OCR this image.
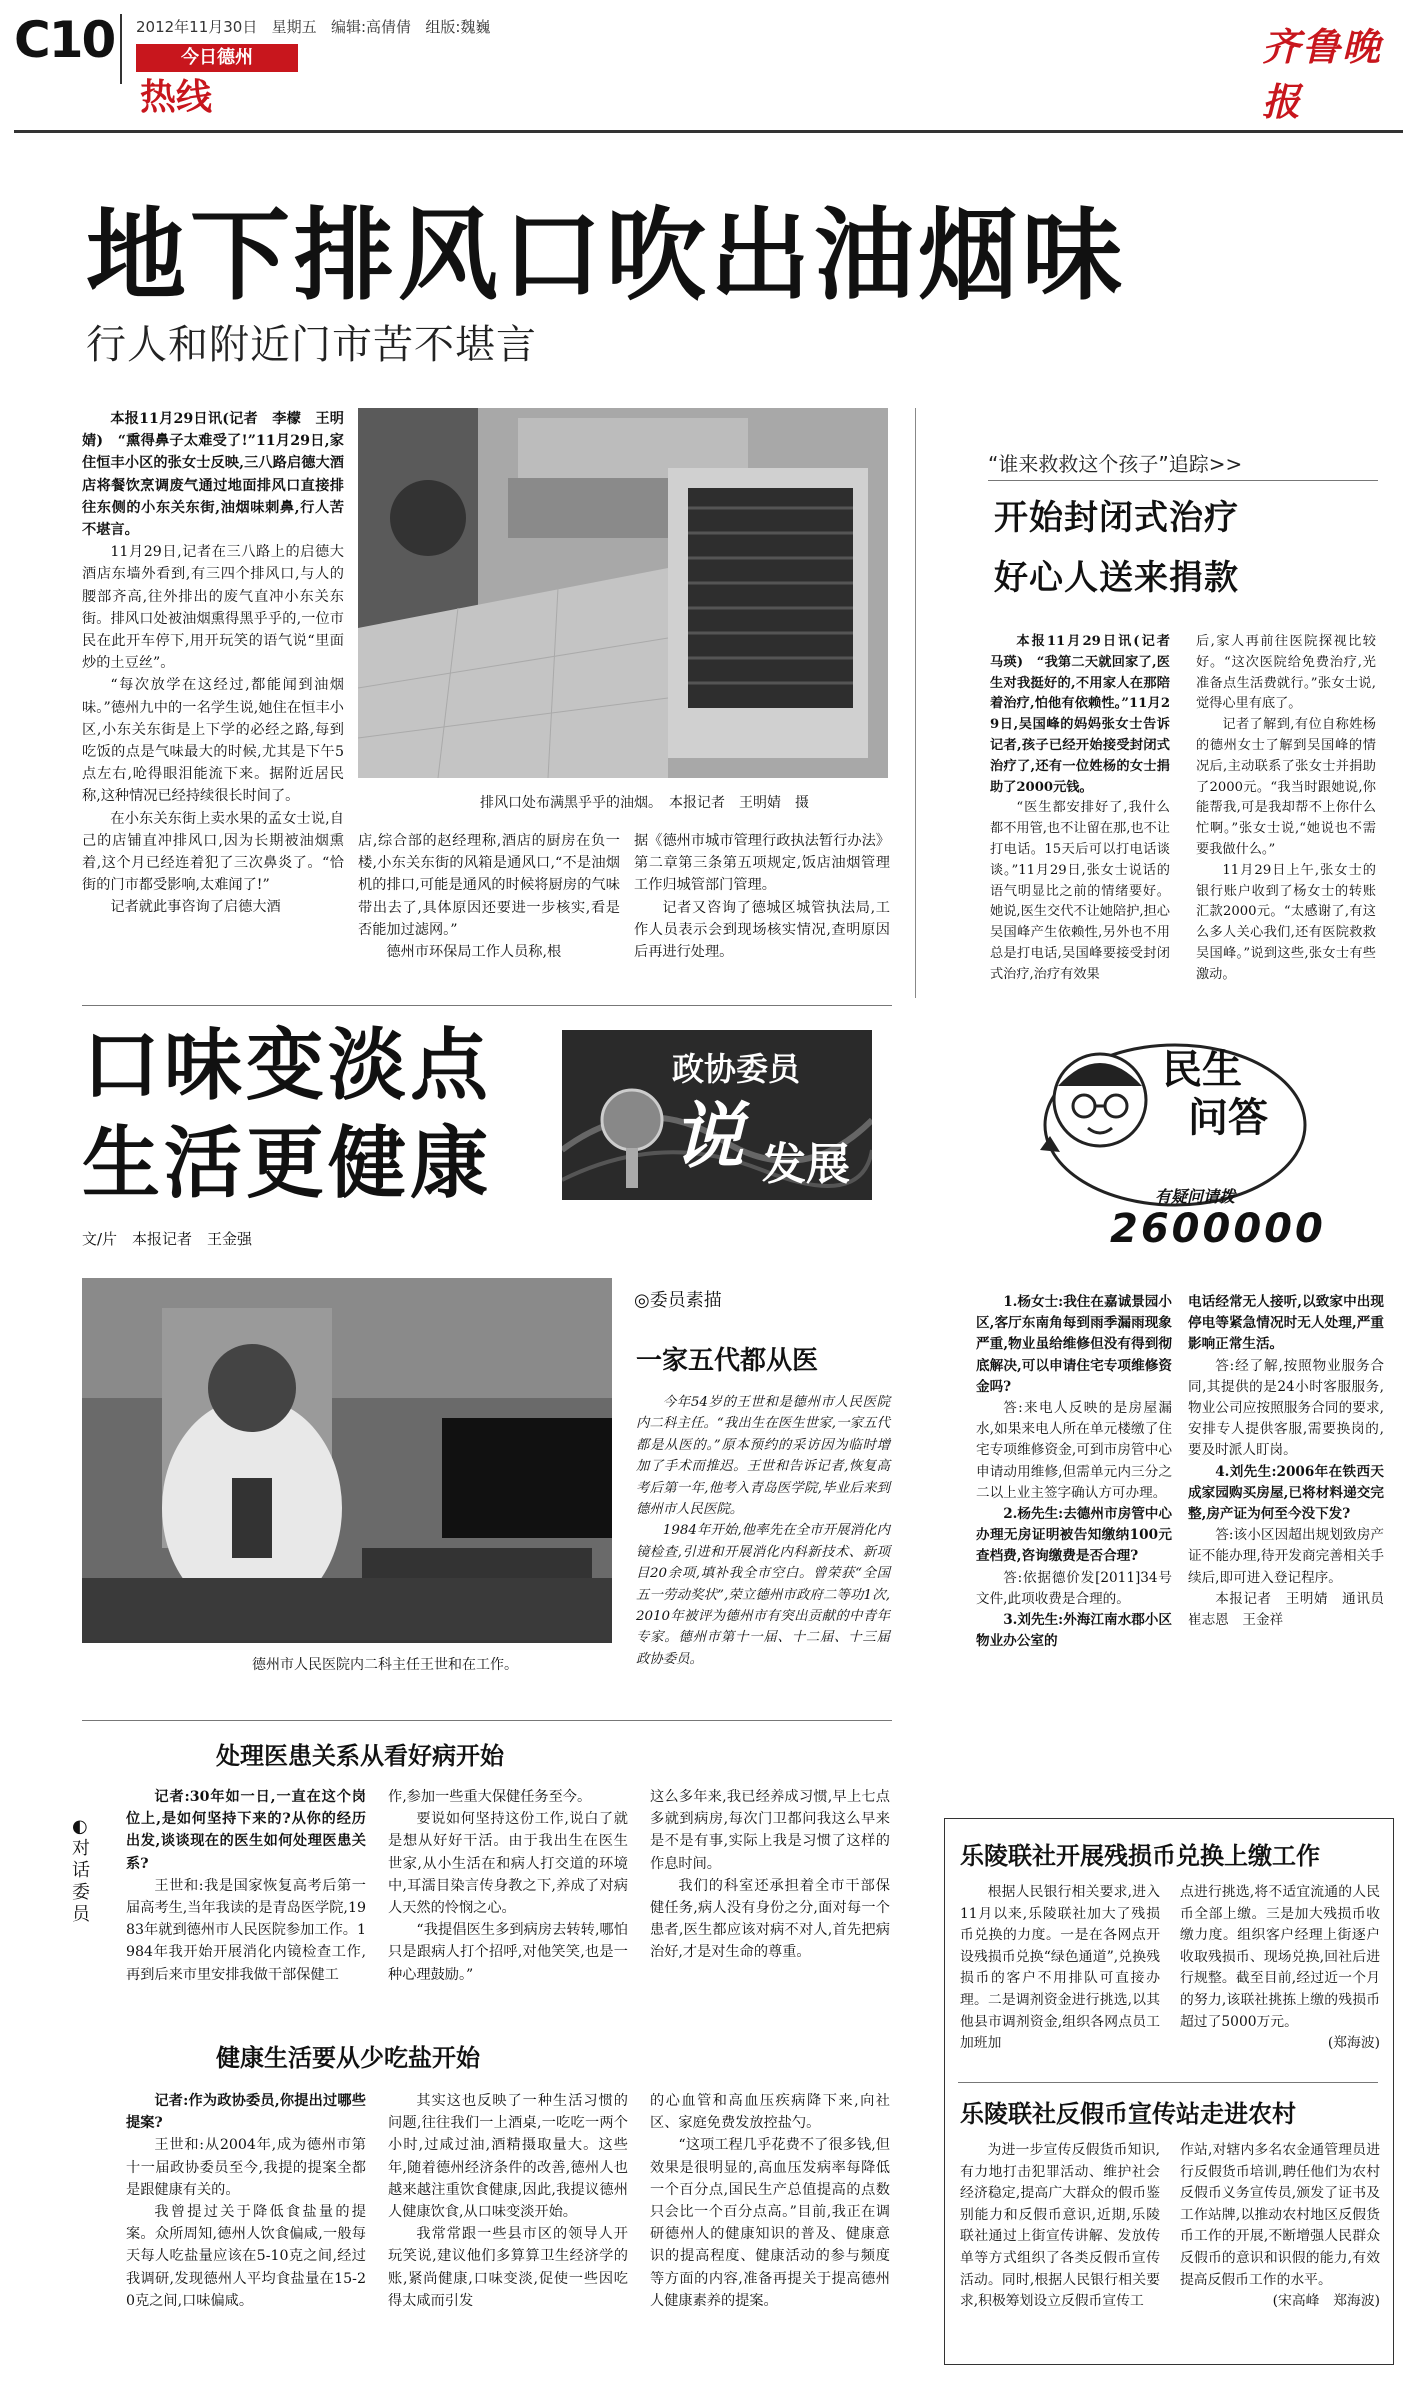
C10 2012年11月30日 星期五 编辑:高倩倩 组版:魏巍
今日德州
热线
齐鲁晚报
地下排风口吹出油烟味
行人和附近门市苦不堪言

本报11月29日讯(记者　李檬　王明婧)　“熏得鼻子太难受了!”11月29日,家住恒丰小区的张女士反映,三八路启德大酒店将餐饮烹调废气通过地面排风口直接排往东侧的小东关东街,油烟味刺鼻,行人苦不堪言。

11月29日,记者在三八路上的启德大酒店东墙外看到,有三四个排风口,与人的腰部齐高,往外排出的废气直冲小东关东街。排风口处被油烟熏得黑乎乎的,一位市民在此开车停下,用开玩笑的语气说“里面炒的土豆丝”。

“每次放学在这经过,都能闻到油烟味。”德州九中的一名学生说,她住在恒丰小区,小东关东街是上下学的必经之路,每到吃饭的点是气味最大的时候,尤其是下午5点左右,呛得眼泪能流下来。据附近居民称,这种情况已经持续很长时间了。

在小东关东街上卖水果的孟女士说,自己的店铺直冲排风口,因为长期被油烟熏着,这个月已经连着犯了三次鼻炎了。“恰街的门市都受影响,太难闻了!”

记者就此事咨询了启德大酒

排风口处布满黑乎乎的油烟。　本报记者　王明婧　摄

店,综合部的赵经理称,酒店的厨房在负一楼,小东关东街的风箱是通风口,“不是油烟机的排口,可能是通风的时候将厨房的气味带出去了,具体原因还要进一步核实,看是否能加过滤网。”

德州市环保局工作人员称,根

据《德州市城市管理行政执法暂行办法》第二章第三条第五项规定,饭店油烟管理工作归城管部门管理。

记者又咨询了德城区城管执法局,工作人员表示会到现场核实情况,查明原因后再进行处理。

“谁来救救这个孩子”追踪>>
开始封闭式治疗
好心人送来捐款

本报11月29日讯(记者　马瑛)　“我第二天就回家了,医生对我挺好的,不用家人在那陪着治疗,怕他有依赖性。”11月29日,吴国峰的妈妈张女士告诉记者,孩子已经开始接受封闭式治疗了,还有一位姓杨的女士捐助了2000元钱。

“医生都安排好了,我什么都不用管,也不让留在那,也不让打电话。15天后可以打电话谈谈。”11月29日,张女士说话的语气明显比之前的情绪要好。她说,医生交代不让她陪护,担心吴国峰产生依赖性,另外也不用总是打电话,吴国峰要接受封闭式治疗,治疗有效果

后,家人再前往医院探视比较好。“这次医院给免费治疗,光准备点生活费就行。”张女士说,觉得心里有底了。

记者了解到,有位自称姓杨的德州女士了解到吴国峰的情况后,主动联系了张女士并捐助了2000元。“我当时跟她说,你能帮我,可是我却帮不上你什么忙啊。”张女士说,“她说也不需要我做什么。”

11月29日上午,张女士的银行账户收到了杨女士的转账汇款2000元。“太感谢了,有这么多人关心我们,还有医院救救吴国峰。”说到这些,张女士有些激动。

民生
问答
有疑问请拨
2600000

1.杨女士:我住在嘉诚景园小区,客厅东南角每到雨季漏雨现象严重,物业虽给维修但没有得到彻底解决,可以申请住宅专项维修资金吗?

答:来电人反映的是房屋漏水,如果来电人所在单元楼缴了住宅专项维修资金,可到市房管中心申请动用维修,但需单元内三分之二以上业主签字确认方可办理。

2.杨先生:去德州市房管中心办理无房证明被告知缴纳100元查档费,咨询缴费是否合理?

答:依据德价发[2011]34号文件,此项收费是合理的。

3.刘先生:外海江南水郡小区物业办公室的

电话经常无人接听,以致家中出现停电等紧急情况时无人处理,严重影响正常生活。

答:经了解,按照物业服务合同,其提供的是24小时客服服务,物业公司应按照服务合同的要求,安排专人提供客服,需要换岗的,要及时派人盯岗。

4.刘先生:2006年在铁西天成家园购买房屋,已将材料递交完整,房产证为何至今没下发?

答:该小区因超出规划致房产证不能办理,待开发商完善相关手续后,即可进入登记程序。

本报记者　王明婧　通讯员　崔志恩　王金祥

口味变淡点
生活更健康
政协委员
说 发展
文/片　本报记者　王金强
德州市人民医院内二科主任王世和在工作。
◎委员素描
一家五代都从医

今年54岁的王世和是德州市人民医院内二科主任。“我出生在医生世家,一家五代都是从医的。”原本预约的采访因为临时增加了手术而推迟。王世和告诉记者,恢复高考后第一年,他考入青岛医学院,毕业后来到德州市人民医院。

1984年开始,他率先在全市开展消化内镜检查,引进和开展消化内科新技术、新项目20余项,填补我全市空白。曾荣获“全国五一劳动奖状”,荣立德州市政府二等功1次,2010年被评为德州市有突出贡献的中青年专家。德州市第十一届、十二届、十三届政协委员。

◐
对话委员
处理医患关系从看好病开始

记者:30年如一日,一直在这个岗位上,是如何坚持下来的?从你的经历出发,谈谈现在的医生如何处理医患关系?

王世和:我是国家恢复高考后第一届高考生,当年我读的是青岛医学院,1983年就到德州市人民医院参加工作。1984年我开始开展消化内镜检查工作,再到后来市里安排我做干部保健工

作,参加一些重大保健任务至今。

要说如何坚持这份工作,说白了就是想从好好干活。由于我出生在医生世家,从小生活在和病人打交道的环境中,耳濡目染言传身教之下,养成了对病人天然的怜悯之心。

“我提倡医生多到病房去转转,哪怕只是跟病人打个招呼,对他笑笑,也是一种心理鼓励。”

这么多年来,我已经养成习惯,早上七点多就到病房,每次门卫都问我这么早来是不是有事,实际上我是习惯了这样的作息时间。

我们的科室还承担着全市干部保健任务,病人没有身份之分,面对每一个患者,医生都应该对病不对人,首先把病治好,才是对生命的尊重。

健康生活要从少吃盐开始

记者:作为政协委员,你提出过哪些提案?

王世和:从2004年,成为德州市第十一届政协委员至今,我提的提案全都是跟健康有关的。

我曾提过关于降低食盐量的提案。众所周知,德州人饮食偏咸,一般每天每人吃盐量应该在5-10克之间,经过我调研,发现德州人平均食盐量在15-20克之间,口味偏咸。

其实这也反映了一种生活习惯的问题,往往我们一上酒桌,一吃吃一两个小时,过咸过油,酒精摄取量大。这些年,随着德州经济条件的改善,德州人也越来越注重饮食健康,因此,我提议德州人健康饮食,从口味变淡开始。

我常常跟一些县市区的领导人开玩笑说,建议他们多算算卫生经济学的账,紧尚健康,口味变淡,促使一些因吃得太咸而引发

的心血管和高血压疾病降下来,向社区、家庭免费发放控盐勺。

“这项工程几乎花费不了很多钱,但效果是很明显的,高血压发病率每降低一个百分点,国民生产总值提高的点数只会比一个百分点高。”目前,我正在调研德州人的健康知识的普及、健康意识的提高程度、健康活动的参与频度等方面的内容,准备再提关于提高德州人健康素养的提案。

乐陵联社开展残损币兑换上缴工作

根据人民银行相关要求,进入11月以来,乐陵联社加大了残损币兑换的力度。一是在各网点开设残损币兑换“绿色通道”,兑换残损币的客户不用排队可直接办理。二是调剂资金进行挑选,以其他县市调剂资金,组织各网点员工加班加

点进行挑选,将不适宜流通的人民币全部上缴。三是加大残损币收缴力度。组织客户经理上街逐户收取残损币、现场兑换,回社后进行规整。截至目前,经过近一个月的努力,该联社挑拣上缴的残损币超过了5000万元。

(郑海波)

乐陵联社反假币宣传站走进农村

为进一步宣传反假货币知识,有力地打击犯罪活动、维护社会经济稳定,提高广大群众的假币鉴别能力和反假币意识,近期,乐陵联社通过上街宣传讲解、发放传单等方式组织了各类反假币宣传活动。同时,根据人民银行相关要求,积极筹划设立反假币宣传工

作站,对辖内多名农金通管理员进行反假货币培训,聘任他们为农村反假币义务宣传员,颁发了证书及工作站牌,以推动农村地区反假货币工作的开展,不断增强人民群众反假币的意识和识假的能力,有效提高反假币工作的水平。

(宋高峰　郑海波)
